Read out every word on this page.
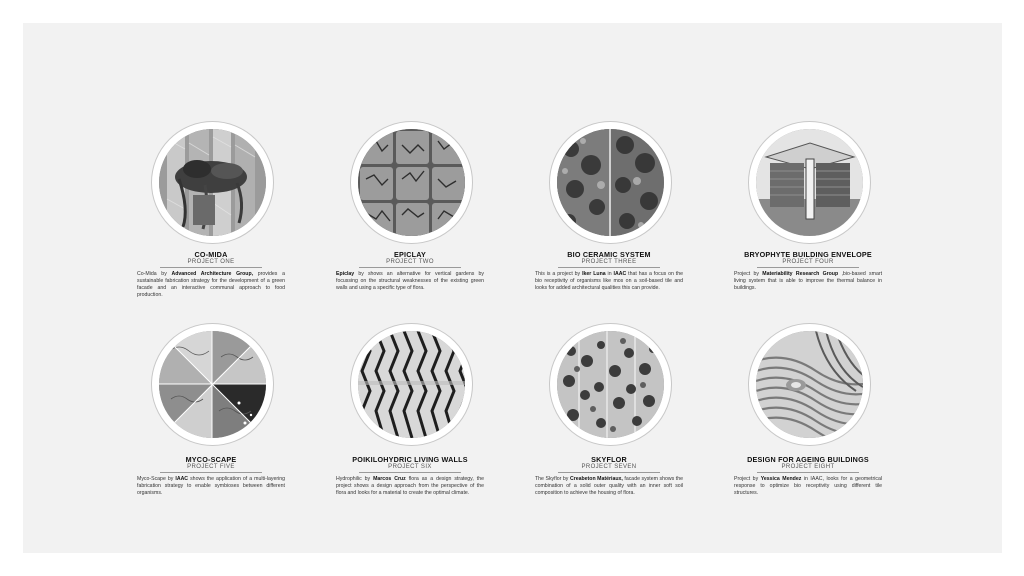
CO-MIDA
PROJECT ONE
Co-Mida by Advanced Architecture Group, provides a sustainable fabrication strategy for the development of a green facade and an interactive communal approach to food production.
EPICLAY
PROJECT TWO
Epiclay by shows an alternative for vertical gardens by focussing on the structural weaknesses of the existing green walls and using a specific type of flora.
BIO CERAMIC SYSTEM
PROJECT THREE
This is a project by Iker Luna in IAAC that has a focus on the bio receptivity of organisms like mos on a soil-based tile and looks for added architectural qualities this can provide.
BRYOPHYTE BUILDING ENVELOPE
PROJECT FOUR
Project by Materiability Research Group ,bio-based smart living system that is able to improve the thermal balance in buildings.
MYCO-SCAPE
PROJECT FIVE
Myco-Scape by IAAC shows the application of a multi-layering fabrication strategy to enable symbioses between different organisms.
POIKILOHYDRIC LIVING WALLS
PROJECT SIX
Hydrophilic by Marcos Cruz flora as a design strategy, the project shows a design approach from the perspective of the flora and looks for a material to create the optimal climate.
SKYFLOR
PROJECT SEVEN
The Skyflor by Creabeton Matériaux, facade system shows the combination of a solid outer quality with an inner soft soil composition to achieve the housing of flora.
DESIGN FOR AGEING BUILDINGS
PROJECT EIGHT
Project by Yessica Mendez in IAAC, looks for a geometrical response to optimize bio receptivity using different tile structures.
